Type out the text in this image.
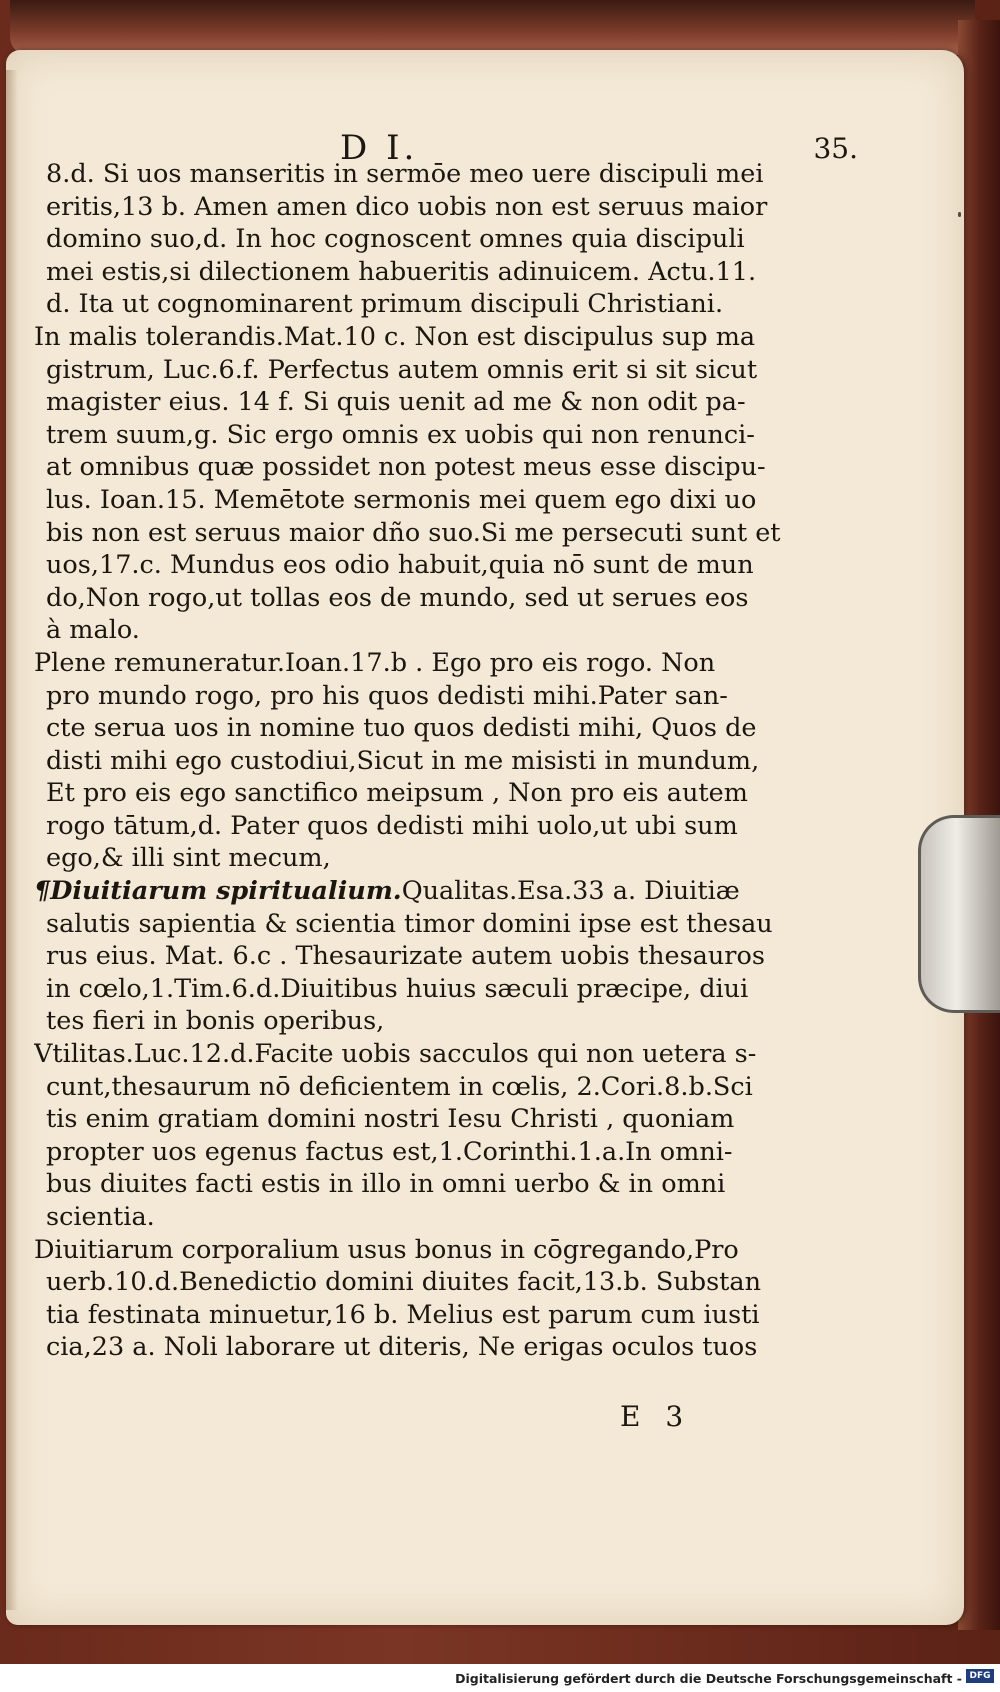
D I.	35.
8.d. Si uos manseritis in sermōe meo uere discipuli mei
eritis,13 b. Amen amen dico uobis non est seruus maior
domino suo,d. In hoc cognoscent omnes quia discipuli
mei estis,si dilectionem habueritis adinuicem. Actu.11.
d. Ita ut cognominarent primum discipuli Christiani.
In malis tolerandis.Mat.10 c. Non est discipulus sup ma
gistrum, Luc.6.f. Perfectus autem omnis erit si sit sicut
magister eius. 14 f. Si quis uenit ad me & non odit pa-
trem suum,g. Sic ergo omnis ex uobis qui non renunci-
at omnibus quæ possidet non potest meus esse discipu-
lus. Ioan.15. Memētote sermonis mei quem ego dixi uo
bis non est seruus maior dño suo.Si me persecuti sunt et
uos,17.c. Mundus eos odio habuit,quia nō sunt de mun
do,Non rogo,ut tollas eos de mundo, sed ut serues eos
à malo.
Plene remuneratur.Ioan.17.b . Ego pro eis rogo. Non
pro mundo rogo, pro his quos dedisti mihi.Pater san-
cte serua uos in nomine tuo quos dedisti mihi, Quos de
disti mihi ego custodiui,Sicut in me misisti in mundum,
Et pro eis ego sanctifico meipsum , Non pro eis autem
rogo tātum,d. Pater quos dedisti mihi uolo,ut ubi sum
ego,& illi sint mecum,
¶Diuitiarum spiritualium.Qualitas.Esa.33 a. Diuitiæ
salutis sapientia & scientia timor domini ipse est thesau
rus eius. Mat. 6.c . Thesaurizate autem uobis thesauros
in cœlo,1.Tim.6.d.Diuitibus huius sæculi præcipe, diui
tes fieri in bonis operibus,
Vtilitas.Luc.12.d.Facite uobis sacculos qui non uetera s-
cunt,thesaurum nō deficientem in cœlis, 2.Cori.8.b.Sci
tis enim gratiam domini nostri Iesu Christi , quoniam
propter uos egenus factus est,1.Corinthi.1.a.In omni-
bus diuites facti estis in illo in omni uerbo & in omni
scientia.
Diuitiarum corporalium usus bonus in cōgregando,Pro
uerb.10.d.Benedictio domini diuites facit,13.b. Substan
tia festinata minuetur,16 b. Melius est parum cum iusti
cia,23 a. Noli laborare ut diteris, Ne erigas oculos tuos
E 3
Digitalisierung gefördert durch die Deutsche Forschungsgemeinschaft - DFG
